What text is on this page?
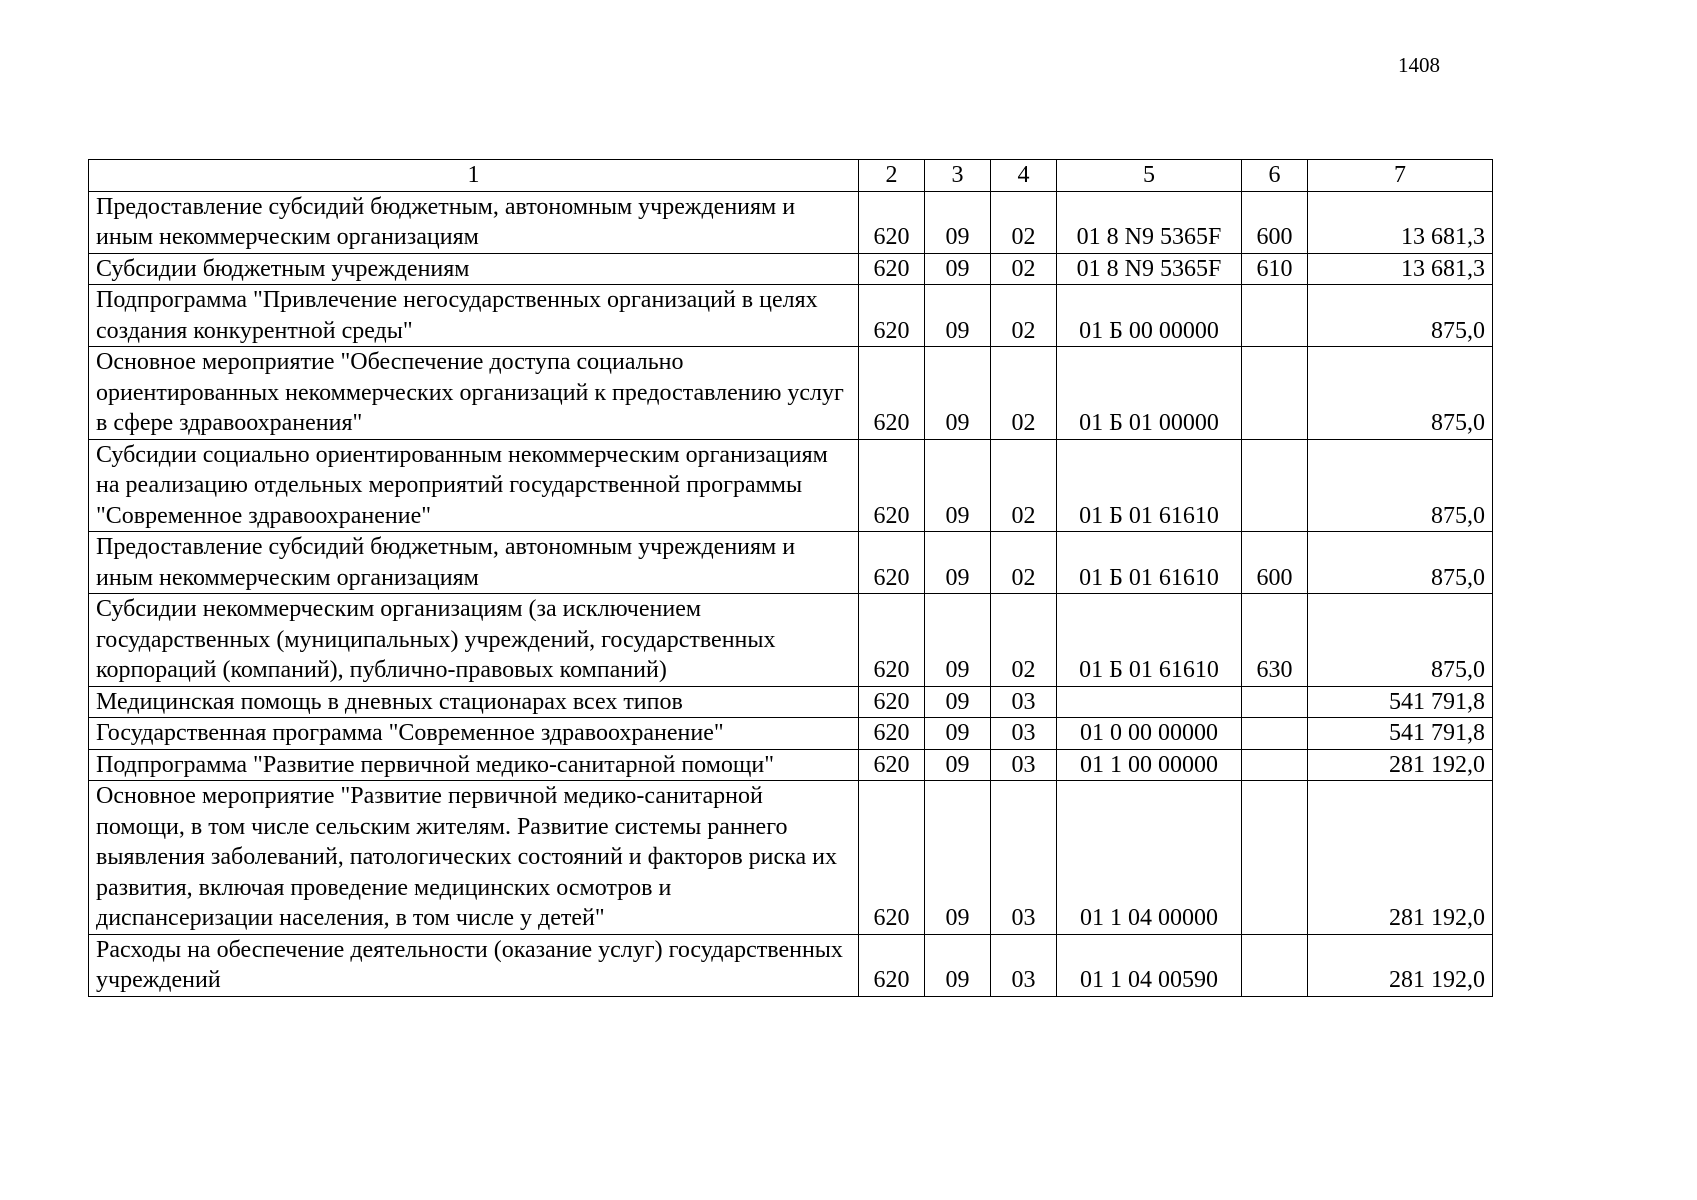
1408
1	2	3	4	5	6	7
Предоставление субсидий бюджетным, автономным учреждениям и иным некоммерческим организациям	620	09	02	01 8 N9 5365F	600	13 681,3
Субсидии бюджетным учреждениям	620	09	02	01 8 N9 5365F	610	13 681,3
Подпрограмма "Привлечение негосударственных организаций в целях создания конкурентной среды"	620	09	02	01 Б 00 00000		875,0
Основное мероприятие "Обеспечение доступа социально ориентированных некоммерческих организаций к предоставлению услуг в сфере здравоохранения"	620	09	02	01 Б 01 00000		875,0
Субсидии социально ориентированным некоммерческим организациям на реализацию отдельных мероприятий государственной программы "Современное здравоохранение"	620	09	02	01 Б 01 61610		875,0
Предоставление субсидий бюджетным, автономным учреждениям и иным некоммерческим организациям	620	09	02	01 Б 01 61610	600	875,0
Субсидии некоммерческим организациям (за исключением государственных (муниципальных) учреждений, государственных корпораций (компаний), публично-правовых компаний)	620	09	02	01 Б 01 61610	630	875,0
Медицинская помощь в дневных стационарах всех типов	620	09	03			541 791,8
Государственная программа "Современное здравоохранение"	620	09	03	01 0 00 00000		541 791,8
Подпрограмма "Развитие первичной медико-санитарной помощи"	620	09	03	01 1 00 00000		281 192,0
Основное мероприятие "Развитие первичной медико-санитарной помощи, в том числе сельским жителям. Развитие системы раннего выявления заболеваний, патологических состояний и факторов риска их развития, включая проведение медицинских осмотров и диспансеризации населения, в том числе у детей"	620	09	03	01 1 04 00000		281 192,0
Расходы на обеспечение деятельности (оказание услуг) государственных учреждений	620	09	03	01 1 04 00590		281 192,0
